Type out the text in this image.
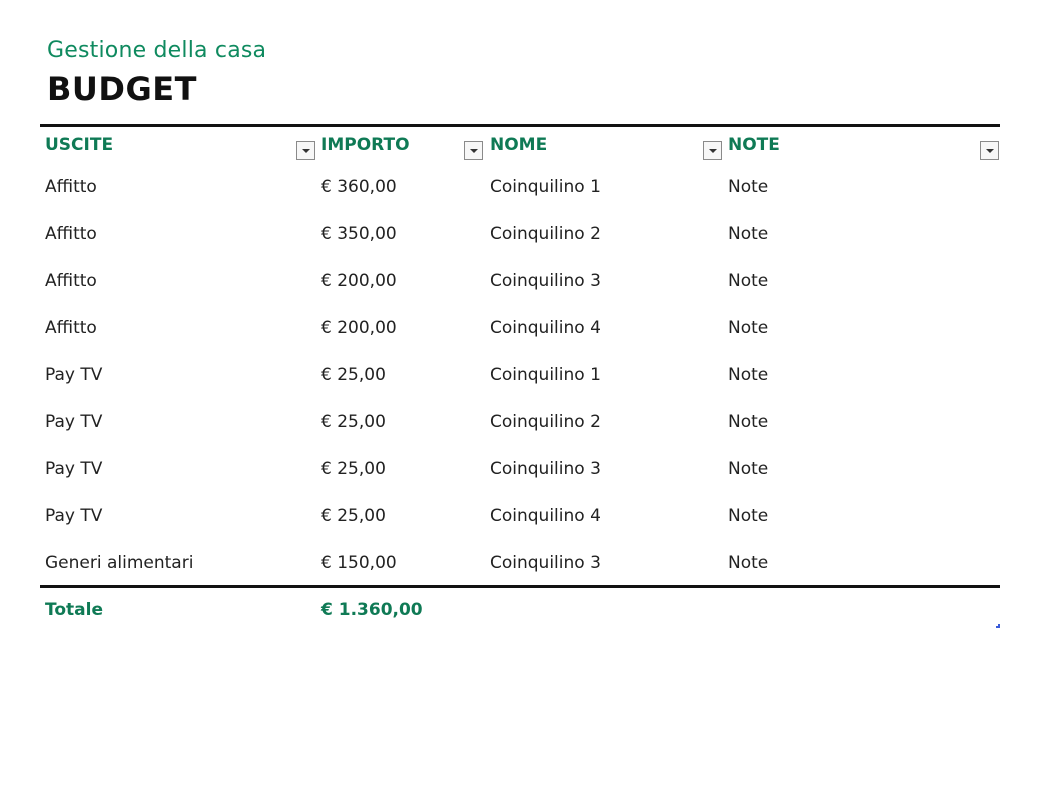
Gestione della casa
BUDGET
USCITE	IMPORTO	NOME	NOTE
Affitto	€ 360,00	Coinquilino 1	Note
Affitto	€ 350,00	Coinquilino 2	Note
Affitto	€ 200,00	Coinquilino 3	Note
Affitto	€ 200,00	Coinquilino 4	Note
Pay TV	€ 25,00	Coinquilino 1	Note
Pay TV	€ 25,00	Coinquilino 2	Note
Pay TV	€ 25,00	Coinquilino 3	Note
Pay TV	€ 25,00	Coinquilino 4	Note
Generi alimentari	€ 150,00	Coinquilino 3	Note
Totale	€ 1.360,00
